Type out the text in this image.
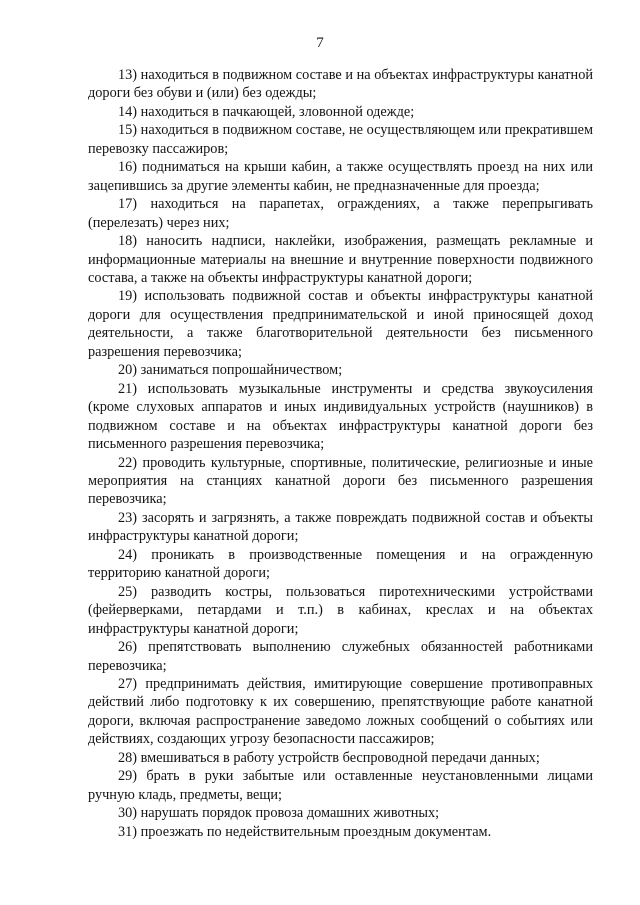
7

13) находиться в подвижном составе и на объектах инфраструктуры канатной дороги без обуви и (или) без одежды;

14) находиться в пачкающей, зловонной одежде;

15) находиться в подвижном составе, не осуществляющем или прекратившем перевозку пассажиров;

16) подниматься на крыши кабин, а также осуществлять проезд на них или зацепившись за другие элементы кабин, не предназначенные для проезда;

17) находиться на парапетах, ограждениях, а также перепрыгивать (перелезать) через них;

18) наносить надписи, наклейки, изображения, размещать рекламные и информационные материалы на внешние и внутренние поверхности подвижного состава, а также на объекты инфраструктуры канатной дороги;

19) использовать подвижной состав и объекты инфраструктуры канатной дороги для осуществления предпринимательской и иной приносящей доход деятельности, а также благотворительной деятельности без письменного разрешения перевозчика;

20) заниматься попрошайничеством;

21) использовать музыкальные инструменты и средства звукоусиления (кроме слуховых аппаратов и иных индивидуальных устройств (наушников) в подвижном составе и на объектах инфраструктуры канатной дороги без письменного разрешения перевозчика;

22) проводить культурные, спортивные, политические, религиозные и иные мероприятия на станциях канатной дороги без письменного разрешения перевозчика;

23) засорять и загрязнять, а также повреждать подвижной состав и объекты инфраструктуры канатной дороги;

24) проникать в производственные помещения и на огражденную территорию канатной дороги;

25) разводить костры, пользоваться пиротехническими устройствами (фейерверками, петардами и т.п.) в кабинах, креслах и на объектах инфраструктуры канатной дороги;

26) препятствовать выполнению служебных обязанностей работниками перевозчика;

27) предпринимать действия, имитирующие совершение противоправных действий либо подготовку к их совершению, препятствующие работе канатной дороги, включая распространение заведомо ложных сообщений о событиях или действиях, создающих угрозу безопасности пассажиров;

28) вмешиваться в работу устройств беспроводной передачи данных;

29) брать в руки забытые или оставленные неустановленными лицами ручную кладь, предметы, вещи;

30) нарушать порядок провоза домашних животных;

31) проезжать по недействительным проездным документам.
